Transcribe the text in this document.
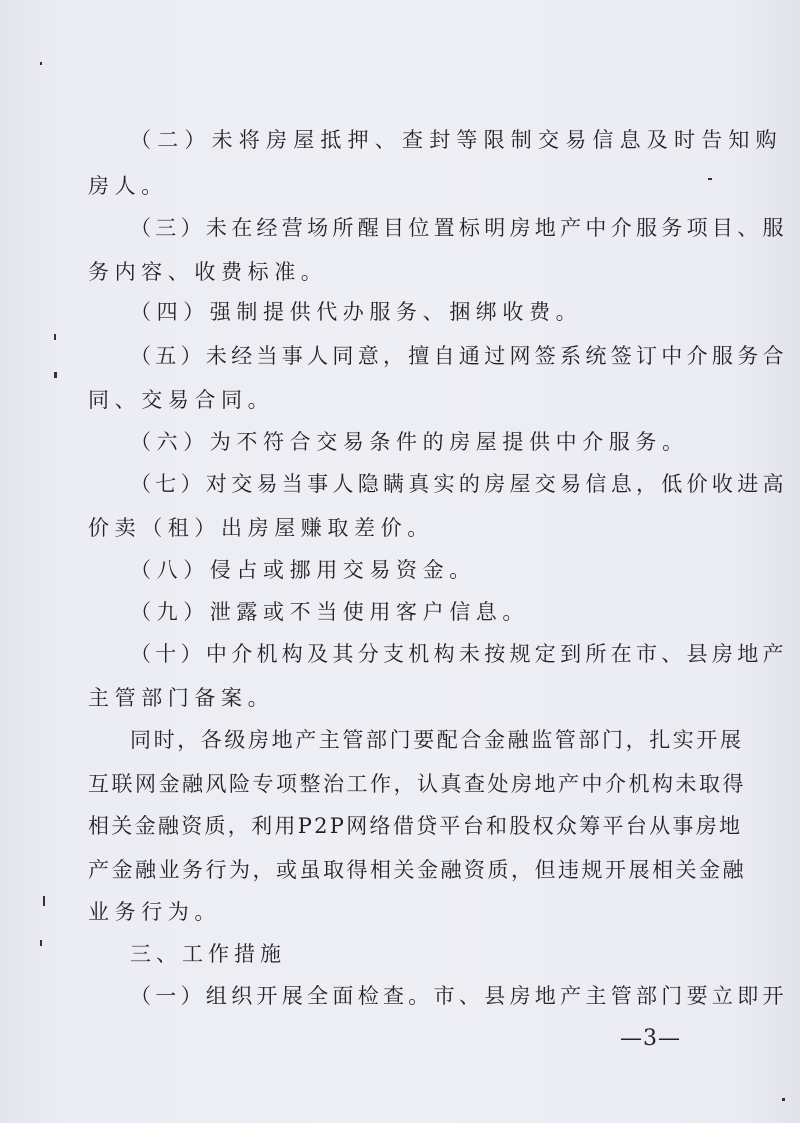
（二）未将房屋抵押、查封等限制交易信息及时告知购
房人。
（三）未在经营场所醒目位置标明房地产中介服务项目、服
务内容、收费标准。
（四）强制提供代办服务、捆绑收费。
（五）未经当事人同意，擅自通过网签系统签订中介服务合
同、交易合同。
（六）为不符合交易条件的房屋提供中介服务。
（七）对交易当事人隐瞒真实的房屋交易信息，低价收进高
价卖（租）出房屋赚取差价。
（八）侵占或挪用交易资金。
（九）泄露或不当使用客户信息。
（十）中介机构及其分支机构未按规定到所在市、县房地产
主管部门备案。
同时，各级房地产主管部门要配合金融监管部门，扎实开展
互联网金融风险专项整治工作，认真查处房地产中介机构未取得
相关金融资质，利用P2P网络借贷平台和股权众筹平台从事房地
产金融业务行为，或虽取得相关金融资质，但违规开展相关金融
业务行为。
三、工作措施
（一）组织开展全面检查。市、县房地产主管部门要立即开
—3—
